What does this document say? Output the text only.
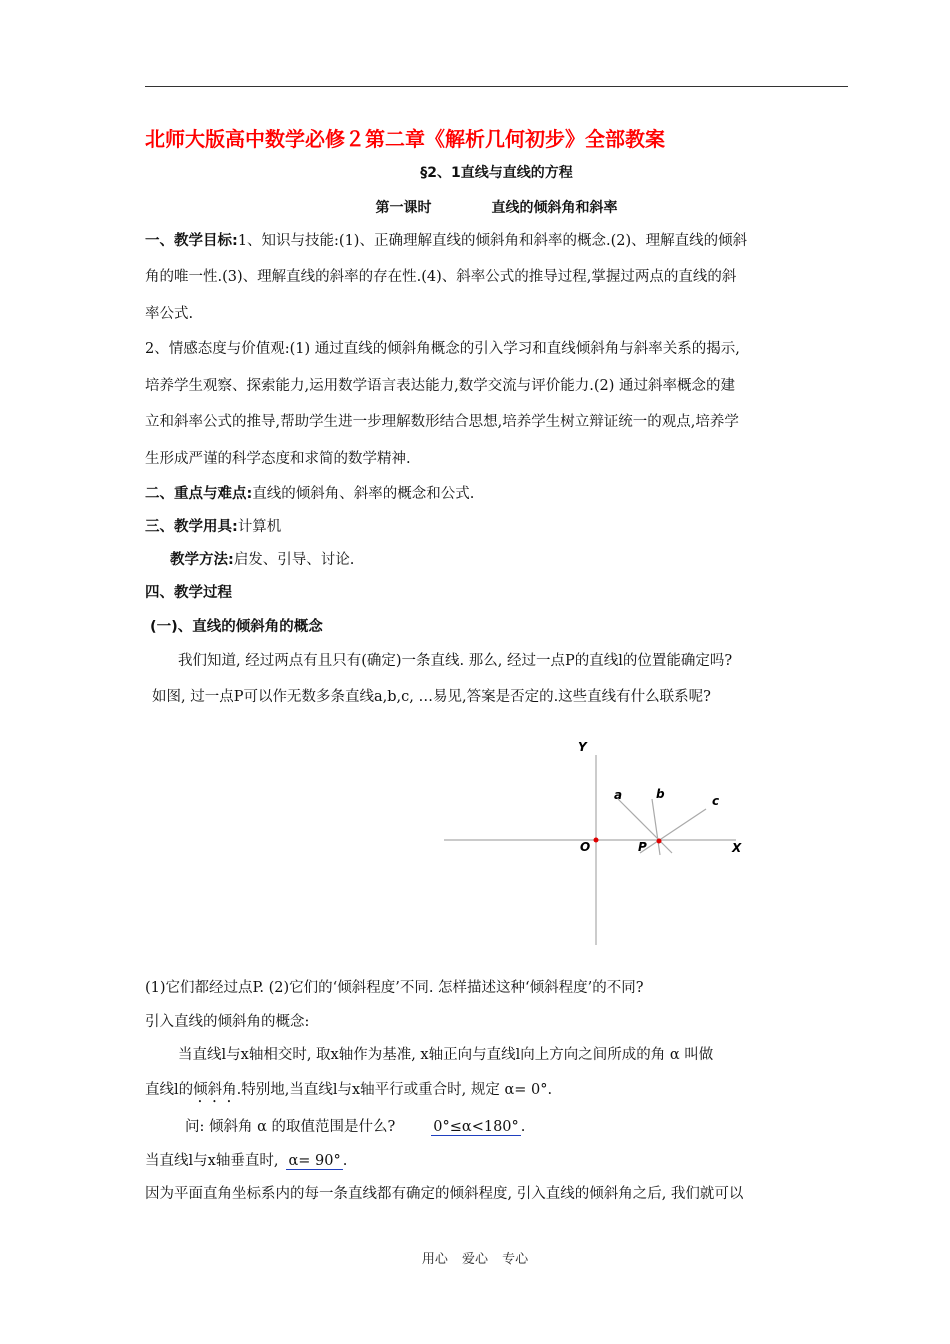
北师大版高中数学必修２第二章《解析几何初步》全部教案
§2、1直线与直线的方程
第一课时	直线的倾斜角和斜率
一、教学目标:1、知识与技能:(1)、正确理解直线的倾斜角和斜率的概念.(2)、理解直线的倾斜
角的唯一性.(3)、理解直线的斜率的存在性.(4)、斜率公式的推导过程,掌握过两点的直线的斜
率公式.
2、情感态度与价值观:(1) 通过直线的倾斜角概念的引入学习和直线倾斜角与斜率关系的揭示,
培养学生观察、探索能力,运用数学语言表达能力,数学交流与评价能力.(2) 通过斜率概念的建
立和斜率公式的推导,帮助学生进一步理解数形结合思想,培养学生树立辩证统一的观点,培养学
生形成严谨的科学态度和求简的数学精神.
二、重点与难点:直线的倾斜角、斜率的概念和公式.
三、教学用具:计算机
教学方法:启发、引导、讨论.
四、教学过程
(一)、直线的倾斜角的概念
我们知道, 经过两点有且只有(确定)一条直线. 那么, 经过一点P的直线l的位置能确定吗?
如图, 过一点P可以作无数多条直线a,b,c, …易见,答案是否定的.这些直线有什么联系呢?
Y
X
O	P
a	b	c
(1)它们都经过点P. (2)它们的‘倾斜程度’不同. 怎样描述这种‘倾斜程度’的不同?
引入直线的倾斜角的概念:
当直线l与x轴相交时, 取x轴作为基准, x轴正向与直线l向上方向之间所成的角 α 叫做
直线l的倾斜角.特别地,当直线l与x轴平行或重合时, 规定 α= 0°.
问: 倾斜角 α 的取值范围是什么?	0°≤α<180° .
当直线l与x轴垂直时, α= 90° .
因为平面直角坐标系内的每一条直线都有确定的倾斜程度, 引入直线的倾斜角之后, 我们就可以
用心 爱心 专心
